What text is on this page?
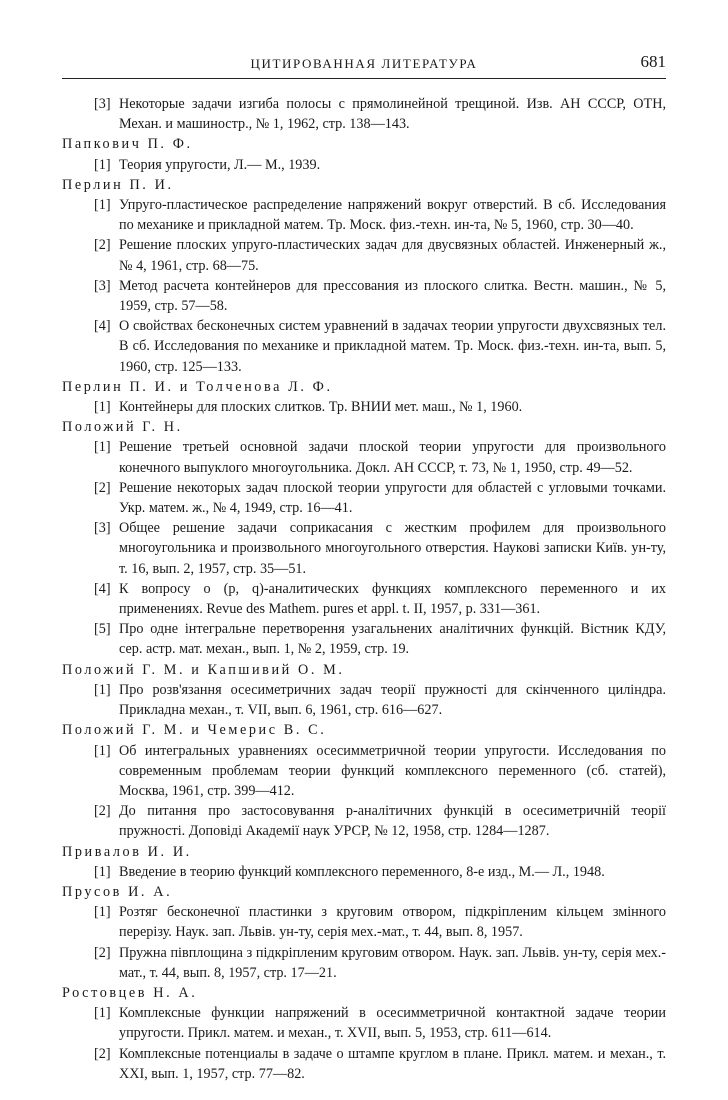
ЦИТИРОВАННАЯ ЛИТЕРАТУРА	681
[3] Некоторые задачи изгиба полосы с прямолинейной трещиной. Изв. АН СССР, ОТН, Механ. и машиностр., № 1, 1962, стр. 138—143.
Папкович П. Ф.
[1] Теория упругости, Л.— М., 1939.
Перлин П. И.
[1] Упруго-пластическое распределение напряжений вокруг отверстий. В сб. Исследования по механике и прикладной матем. Тр. Моск. физ.-техн. ин-та, № 5, 1960, стр. 30—40.
[2] Решение плоских упруго-пластических задач для двусвязных областей. Инженерный ж., № 4, 1961, стр. 68—75.
[3] Метод расчета контейнеров для прессования из плоского слитка. Вестн. машин., № 5, 1959, стр. 57—58.
[4] О свойствах бесконечных систем уравнений в задачах теории упругости двухсвязных тел. В сб. Исследования по механике и прикладной матем. Тр. Моск. физ.-техн. ин-та, вып. 5, 1960, стр. 125—133.
Перлин П. И. и Толченова Л. Ф.
[1] Контейнеры для плоских слитков. Тр. ВНИИ мет. маш., № 1, 1960.
Положий Г. Н.
[1] Решение третьей основной задачи плоской теории упругости для произвольного конечного выпуклого многоугольника. Докл. АН СССР, т. 73, № 1, 1950, стр. 49—52.
[2] Решение некоторых задач плоской теории упругости для областей с угловыми точками. Укр. матем. ж., № 4, 1949, стр. 16—41.
[3] Общее решение задачи соприкасания с жестким профилем для произвольного многоугольника и произвольного многоугольного отверстия. Наукові записки Київ. ун-ту, т. 16, вып. 2, 1957, стр. 35—51.
[4] К вопросу о (p, q)-аналитических функциях комплексного переменного и их применениях. Revue des Mathem. pures et appl. t. II, 1957, p. 331—361.
[5] Про одне інтегральне перетворення узагальнених аналітичних функцій. Вістник КДУ, сер. астр. мат. механ., вып. 1, № 2, 1959, стр. 19.
Положий Г. М. и Капшивий О. М.
[1] Про розв'язання осесиметричних задач теорії пружності для скінченного циліндра. Прикладна механ., т. VII, вып. 6, 1961, стр. 616—627.
Положий Г. М. и Чемерис В. С.
[1] Об интегральных уравнениях осесимметричной теории упругости. Исследования по современным проблемам теории функций комплексного переменного (сб. статей), Москва, 1961, стр. 399—412.
[2] До питання про застосовування p-аналітичних функцій в осесиметричній теорії пружності. Доповіді Академії наук УРСР, № 12, 1958, стр. 1284—1287.
Привалов И. И.
[1] Введение в теорию функций комплексного переменного, 8-е изд., М.— Л., 1948.
Прусов И. А.
[1] Розтяг бесконечної пластинки з круговим отвором, підкріпленим кільцем змінного перерізу. Наук. зап. Львів. ун-ту, серія мех.-мат., т. 44, вып. 8, 1957.
[2] Пружна півплощина з підкріпленим круговим отвором. Наук. зап. Львів. ун-ту, серія мех.-мат., т. 44, вып. 8, 1957, стр. 17—21.
Ростовцев Н. А.
[1] Комплексные функции напряжений в осесимметричной контактной задаче теории упругости. Прикл. матем. и механ., т. XVII, вып. 5, 1953, стр. 611—614.
[2] Комплексные потенциалы в задаче о штампе круглом в плане. Прикл. матем. и механ., т. XXI, вып. 1, 1957, стр. 77—82.
